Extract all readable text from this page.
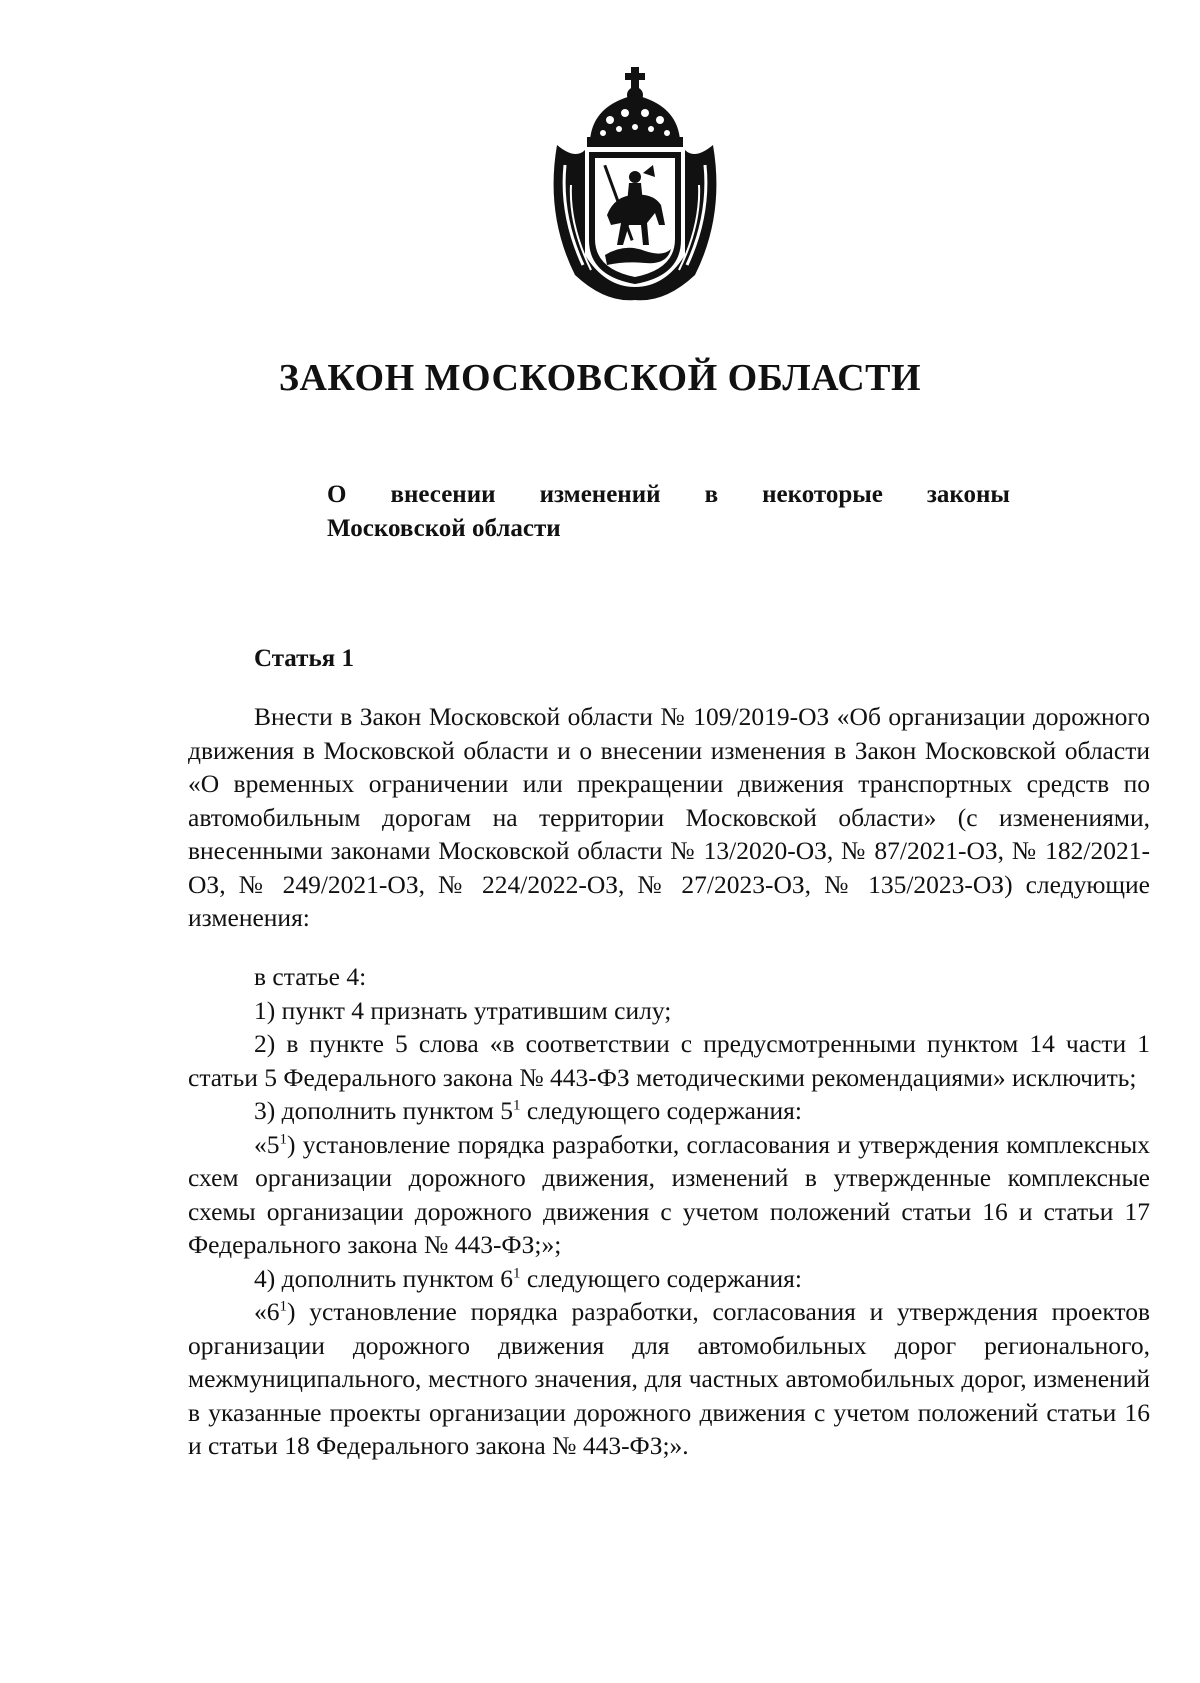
ЗАКОН МОСКОВСКОЙ ОБЛАСТИ
О внесении изменений в некоторые законы
Московской области
Статья 1

Внести в Закон Московской области № 109/2019-ОЗ «Об организации дорожного движения в Московской области и о внесении изменения в Закон Московской области «О временных ограничении или прекращении движения транспортных средств по автомобильным дорогам на территории Московской области» (с изменениями, внесенными законами Московской области № 13/2020-ОЗ, № 87/2021-ОЗ, № 182/2021-ОЗ, № 249/2021-ОЗ, № 224/2022-ОЗ, № 27/2023-ОЗ, № 135/2023-ОЗ) следующие изменения:

в статье 4:

1) пункт 4 признать утратившим силу;

2) в пункте 5 слова «в соответствии с предусмотренными пунктом 14 части 1 статьи 5 Федерального закона № 443-ФЗ методическими рекомендациями» исключить;

3) дополнить пунктом $5^1$ следующего содержания:

«$5^1$) установление порядка разработки, согласования и утверждения комплексных схем организации дорожного движения, изменений в утвержденные комплексные схемы организации дорожного движения с учетом положений статьи 16 и статьи 17 Федерального закона № 443-ФЗ;»;

4) дополнить пунктом $6^1$ следующего содержания:

«$6^1$) установление порядка разработки, согласования и утверждения проектов организации дорожного движения для автомобильных дорог регионального, межмуниципального, местного значения, для частных автомобильных дорог, изменений в указанные проекты организации дорожного движения с учетом положений статьи 16 и статьи 18 Федерального закона № 443-ФЗ;».
